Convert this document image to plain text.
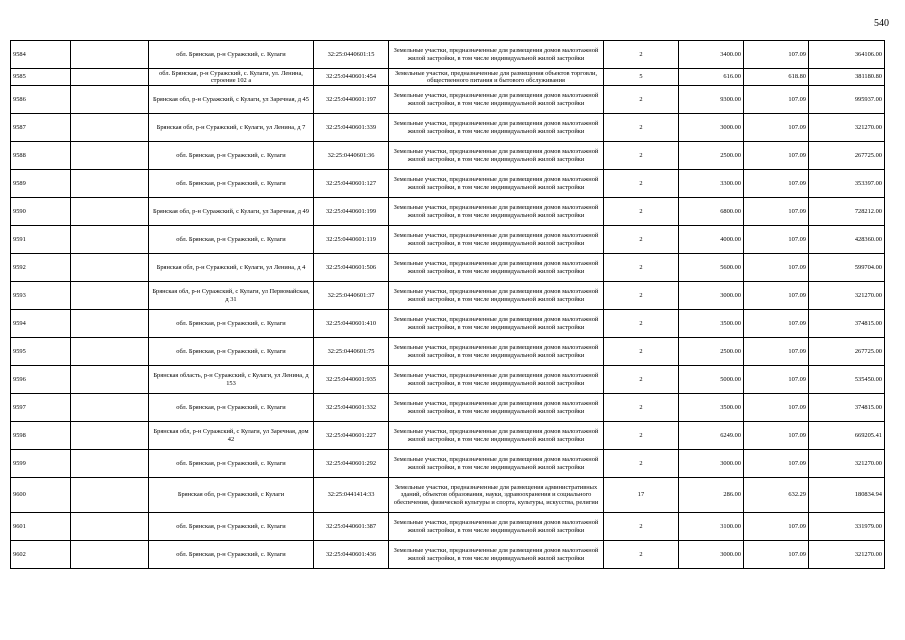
540
9584		обл. Брянская, р-н Суражский, с. Кулаги	32:25:0440601:15	Земельные участки, предназначенные для размещения домов малоэтажной жилой застройки, в том числе индивидуальной жилой застройки	2	3400.00	107.09	364106.00
9585		обл. Брянская, р-н Суражский, с. Кулаги, ул. Ленина, строение 102 а	32:25:0440601:454	Земельные участки, предназначенные для размещения объектов торговли, общественного питания и бытового обслуживания	5	616.00	618.80	381180.80
9586		Брянская обл, р-н Суражский, с Кулаги, ул Заречная, д 45	32:25:0440601:197	Земельные участки, предназначенные для размещения домов малоэтажной жилой застройки, в том числе индивидуальной жилой застройки	2	9300.00	107.09	995937.00
9587		Брянская обл, р-н Суражский, с Кулаги, ул Ленина, д 7	32:25:0440601:339	Земельные участки, предназначенные для размещения домов малоэтажной жилой застройки, в том числе индивидуальной жилой застройки	2	3000.00	107.09	321270.00
9588		обл. Брянская, р-н Суражский, с. Кулаги	32:25:0440601:36	Земельные участки, предназначенные для размещения домов малоэтажной жилой застройки, в том числе индивидуальной жилой застройки	2	2500.00	107.09	267725.00
9589		обл. Брянская, р-н Суражский, с. Кулаги	32:25:0440601:127	Земельные участки, предназначенные для размещения домов малоэтажной жилой застройки, в том числе индивидуальной жилой застройки	2	3300.00	107.09	353397.00
9590		Брянская обл, р-н Суражский, с Кулаги, ул Заречная, д 49	32:25:0440601:199	Земельные участки, предназначенные для размещения домов малоэтажной жилой застройки, в том числе индивидуальной жилой застройки	2	6800.00	107.09	728212.00
9591		обл. Брянская, р-н Суражский, с. Кулаги	32:25:0440601:119	Земельные участки, предназначенные для размещения домов малоэтажной жилой застройки, в том числе индивидуальной жилой застройки	2	4000.00	107.09	428360.00
9592		Брянская обл, р-н Суражский, с Кулаги, ул Ленина, д 4	32:25:0440601:506	Земельные участки, предназначенные для размещения домов малоэтажной жилой застройки, в том числе индивидуальной жилой застройки	2	5600.00	107.09	599704.00
9593		Брянская обл, р-н Суражский, с Кулаги, ул Первомайская, д 31	32:25:0440601:37	Земельные участки, предназначенные для размещения домов малоэтажной жилой застройки, в том числе индивидуальной жилой застройки	2	3000.00	107.09	321270.00
9594		обл. Брянская, р-н Суражский, с. Кулаги	32:25:0440601:410	Земельные участки, предназначенные для размещения домов малоэтажной жилой застройки, в том числе индивидуальной жилой застройки	2	3500.00	107.09	374815.00
9595		обл. Брянская, р-н Суражский, с. Кулаги	32:25:0440601:75	Земельные участки, предназначенные для размещения домов малоэтажной жилой застройки, в том числе индивидуальной жилой застройки	2	2500.00	107.09	267725.00
9596		Брянская область, р-н Суражский, с Кулаги, ул Ленина, д 153	32:25:0440601:935	Земельные участки, предназначенные для размещения домов малоэтажной жилой застройки, в том числе индивидуальной жилой застройки	2	5000.00	107.09	535450.00
9597		обл. Брянская, р-н Суражский, с. Кулаги	32:25:0440601:332	Земельные участки, предназначенные для размещения домов малоэтажной жилой застройки, в том числе индивидуальной жилой застройки	2	3500.00	107.09	374815.00
9598		Брянская обл, р-н Суражский, с Кулаги, ул Заречная, дом 42	32:25:0440601:227	Земельные участки, предназначенные для размещения домов малоэтажной жилой застройки, в том числе индивидуальной жилой застройки	2	6249.00	107.09	669205.41
9599		обл. Брянская, р-н Суражский, с. Кулаги	32:25:0440601:292	Земельные участки, предназначенные для размещения домов малоэтажной жилой застройки, в том числе индивидуальной жилой застройки	2	3000.00	107.09	321270.00
9600		Брянская обл, р-н Суражский, с Кулаги	32:25:0441414:33	Земельные участки, предназначенные для размещения административных зданий, объектов образования, науки, здравоохранения и социального обеспечения, физической культуры и спорта, культуры, искусства, религии	17	286.00	632.29	180834.94
9601		обл. Брянская, р-н Суражский, с. Кулаги	32:25:0440601:387	Земельные участки, предназначенные для размещения домов малоэтажной жилой застройки, в том числе индивидуальной жилой застройки	2	3100.00	107.09	331979.00
9602		обл. Брянская, р-н Суражский, с. Кулаги	32:25:0440601:436	Земельные участки, предназначенные для размещения домов малоэтажной жилой застройки, в том числе индивидуальной жилой застройки	2	3000.00	107.09	321270.00
